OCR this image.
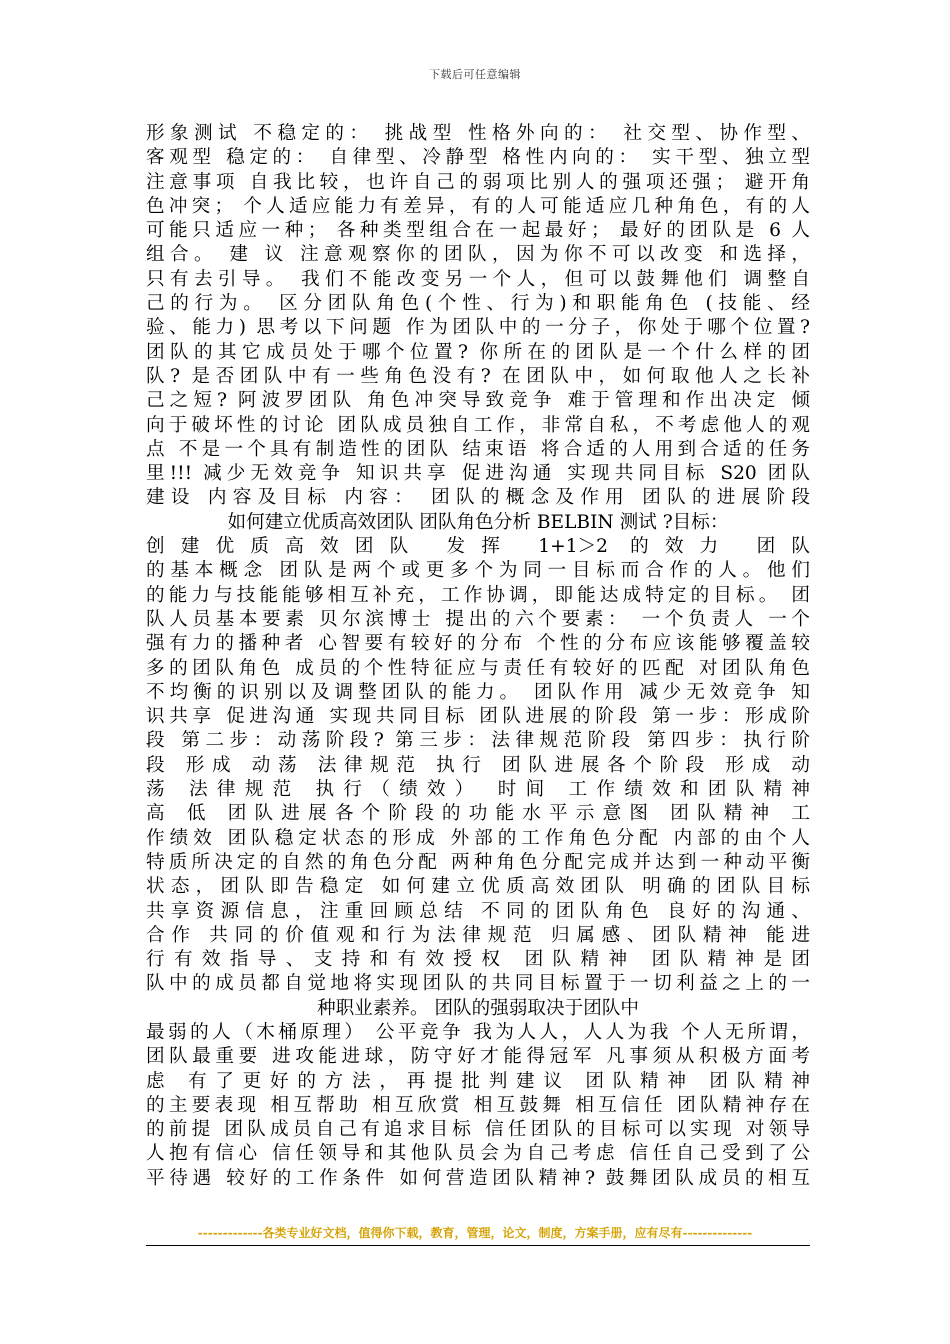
下载后可任意编辑
形象测试 不稳定的： 挑战型 性格外向的： 社交型、协作型、
客观型 稳定的： 自律型、冷静型 格性内向的： 实干型、独立型
注意事项 自我比较，也许自己的弱项比别人的强项还强； 避开角
色冲突； 个人适应能力有差异，有的人可能适应几种角色，有的人
可能只适应一种； 各种类型组合在一起最好； 最好的团队是 6 人
组合。 建 议 注意观察你的团队，因为你不可以改变 和选择，
只有去引导。 我们不能改变另一个人，但可以鼓舞他们 调整自
己的行为。 区分团队角色(个性、行为)和职能角色 (技能、经
验、能力) 思考以下问题 作为团队中的一分子，你处于哪个位置?
团队的其它成员处于哪个位置? 你所在的团队是一个什么样的团
队? 是否团队中有一些角色没有? 在团队中，如何取他人之长补
己之短? 阿波罗团队 角色冲突导致竞争 难于管理和作出决定 倾
向于破坏性的讨论 团队成员独自工作，非常自私，不考虑他人的观
点 不是一个具有制造性的团队 结束语 将合适的人用到合适的任务
里!!! 减少无效竞争 知识共享 促进沟通 实现共同目标 S20 团队
建设 内容及目标 内容： 团队的概念及作用 团队的进展阶段
如何建立优质高效团队 团队角色分析 BELBIN 测试 ?目标：
创建优质高效团队 发挥 1+1＞2 的效力 团队
的基本概念 团队是两个或更多个为同一目标而合作的人。他们
的能力与技能能够相互补充，工作协调，即能达成特定的目标。 团
队人员基本要素 贝尔滨博士 提出的六个要素： 一个负责人 一个
强有力的播种者 心智要有较好的分布 个性的分布应该能够覆盖较
多的团队角色 成员的个性特征应与责任有较好的匹配 对团队角色
不均衡的识别以及调整团队的能力。 团队作用 减少无效竞争 知
识共享 促进沟通 实现共同目标 团队进展的阶段 第一步：形成阶
段 第二步：动荡阶段? 第三步：法律规范阶段 第四步：执行阶
段 形成 动荡 法律规范 执行 团队进展各个阶段 形成 动
荡 法律规范 执行（绩效） 时间 工作绩效和团队精神
高 低 团队进展各个阶段的功能水平示意图 团队精神 工
作绩效 团队稳定状态的形成 外部的工作角色分配 内部的由个人
特质所决定的自然的角色分配 两种角色分配完成并达到一种动平衡
状态，团队即告稳定 如何建立优质高效团队 明确的团队目标
共享资源信息，注重回顾总结 不同的团队角色 良好的沟通、
合作 共同的价值观和行为法律规范 归属感、团队精神 能进
行有效指导、支持和有效授权 团队精神 团队精神是团
队中的成员都自觉地将实现团队的共同目标置于一切利益之上的一
种职业素养。 团队的强弱取决于团队中
最弱的人（木桶原理） 公平竞争 我为人人，人人为我 个人无所谓，
团队最重要 进攻能进球，防守好才能得冠军 凡事须从积极方面考
虑 有了更好的方法，再提批判建议 团队精神 团队精神
的主要表现 相互帮助 相互欣赏 相互鼓舞 相互信任 团队精神存在
的前提 团队成员自己有追求目标 信任团队的目标可以实现 对领导
人抱有信心 信任领导和其他队员会为自己考虑 信任自己受到了公
平待遇 较好的工作条件 如何营造团队精神? 鼓舞团队成员的相互
-------------各类专业好文档，值得你下载，教育，管理，论文，制度，方案手册，应有尽有--------------
